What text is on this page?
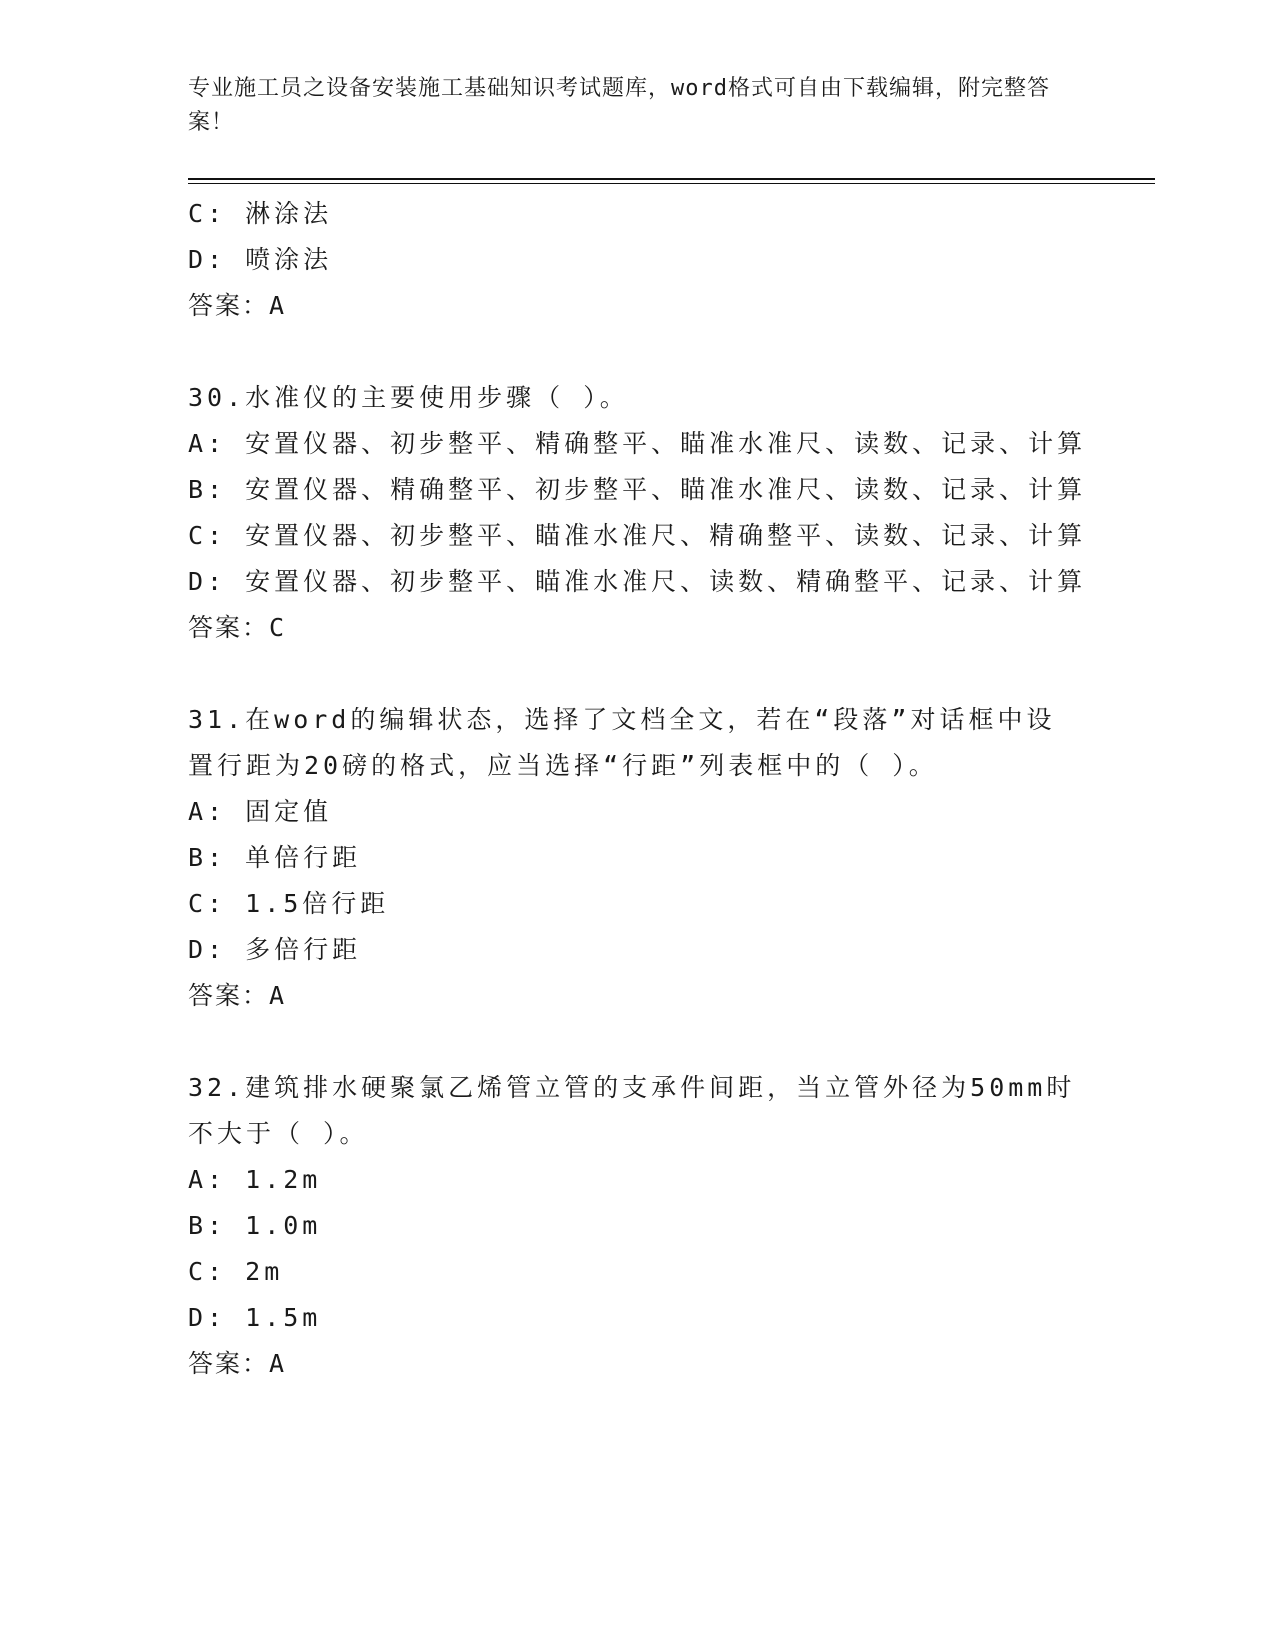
专业施工员之设备安装施工基础知识考试题库，word格式可自由下载编辑，附完整答案！
C: 淋涂法
D: 喷涂法
答案：A
30.水准仪的主要使用步骤（ ）。
A: 安置仪器、初步整平、精确整平、瞄准水准尺、读数、记录、计算
B: 安置仪器、精确整平、初步整平、瞄准水准尺、读数、记录、计算
C: 安置仪器、初步整平、瞄准水准尺、精确整平、读数、记录、计算
D: 安置仪器、初步整平、瞄准水准尺、读数、精确整平、记录、计算
答案：C
31.在word的编辑状态，选择了文档全文，若在“段落”对话框中设
置行距为20磅的格式，应当选择“行距”列表框中的（ ）。
A: 固定值
B: 单倍行距
C: 1.5倍行距
D: 多倍行距
答案：A
32.建筑排水硬聚氯乙烯管立管的支承件间距，当立管外径为50mm时
不大于（ ）。
A: 1.2m
B: 1.0m
C: 2m
D: 1.5m
答案：A
